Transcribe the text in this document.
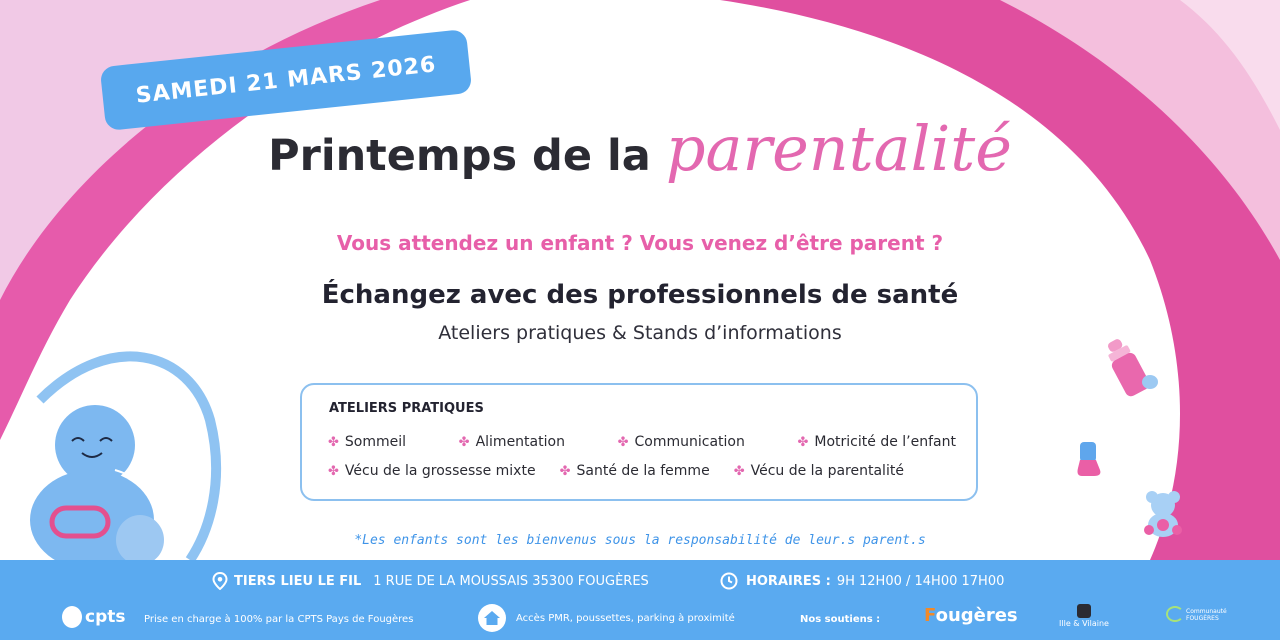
SAMEDI 21 MARS 2026
Printemps de la parentalité
Vous attendez un enfant ? Vous venez d’être parent ?
Échangez avec des professionnels de santé
Ateliers pratiques & Stands d’informations
ATELIERS PRATIQUES
✤ Sommeil	✤ Alimentation	✤ Communication	✤ Motricité de l’enfant
✤ Vécu de la grossesse mixte ✤ Santé de la femme ✤ Vécu de la parentalité
*Les enfants sont les bienvenus sous la responsabilité de leur.s parent.s
TIERS LIEU LE FIL 1 RUE DE LA MOUSSAIS 35300 FOUGÈRES	HORAIRES : 9H 12H00 / 14H00 17H00
cpts Prise en charge à 100% par la CPTS Pays de Fougères	Accès PMR, poussettes, parking à proximité	Nos soutiens : Fougères	Ille & Vilaine
Communauté FOUGÈRES
